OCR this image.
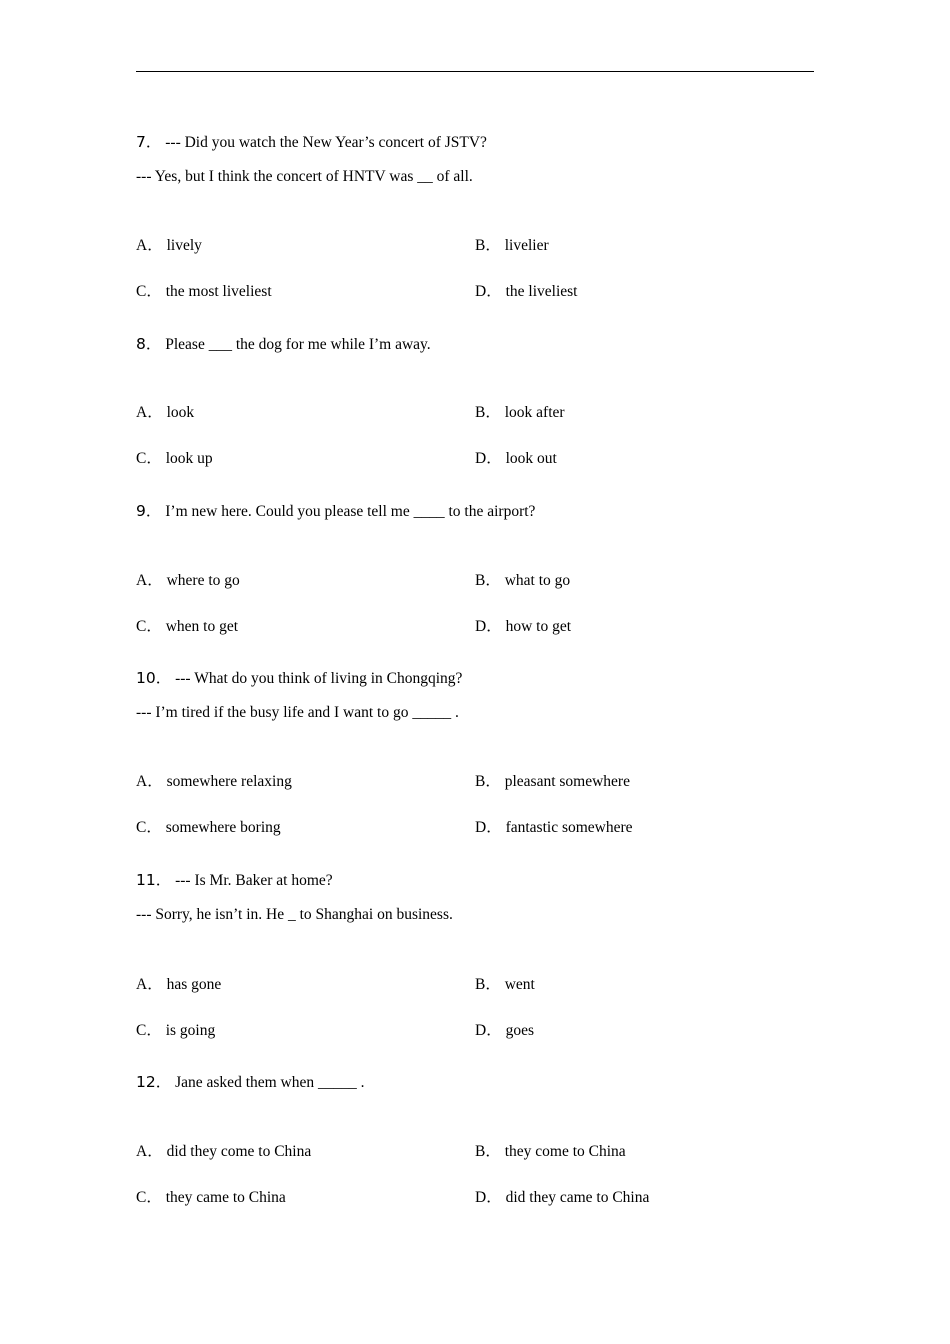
7． --- Did you watch the New Year’s concert of JSTV?
--- Yes, but I think the concert of HNTV was __ of all.
A． lively	B． livelier
C． the most liveliest	D． the liveliest
8． Please ___ the dog for me while I’m away.
A． look	B． look after
C． look up	D． look out
9． I’m new here. Could you please tell me ____ to the airport?
A． where to go	B． what to go
C． when to get	D． how to get
10． --- What do you think of living in Chongqing?
--- I’m tired if the busy life and I want to go _____ .
A． somewhere relaxing	B． pleasant somewhere
C． somewhere boring	D． fantastic somewhere
11． --- Is Mr. Baker at home?
--- Sorry, he isn’t in. He _ to Shanghai on business.
A． has gone	B． went
C． is going	D． goes
12． Jane asked them when _____ .
A． did they come to China	B． they come to China
C． they came to China	D． did they came to China
